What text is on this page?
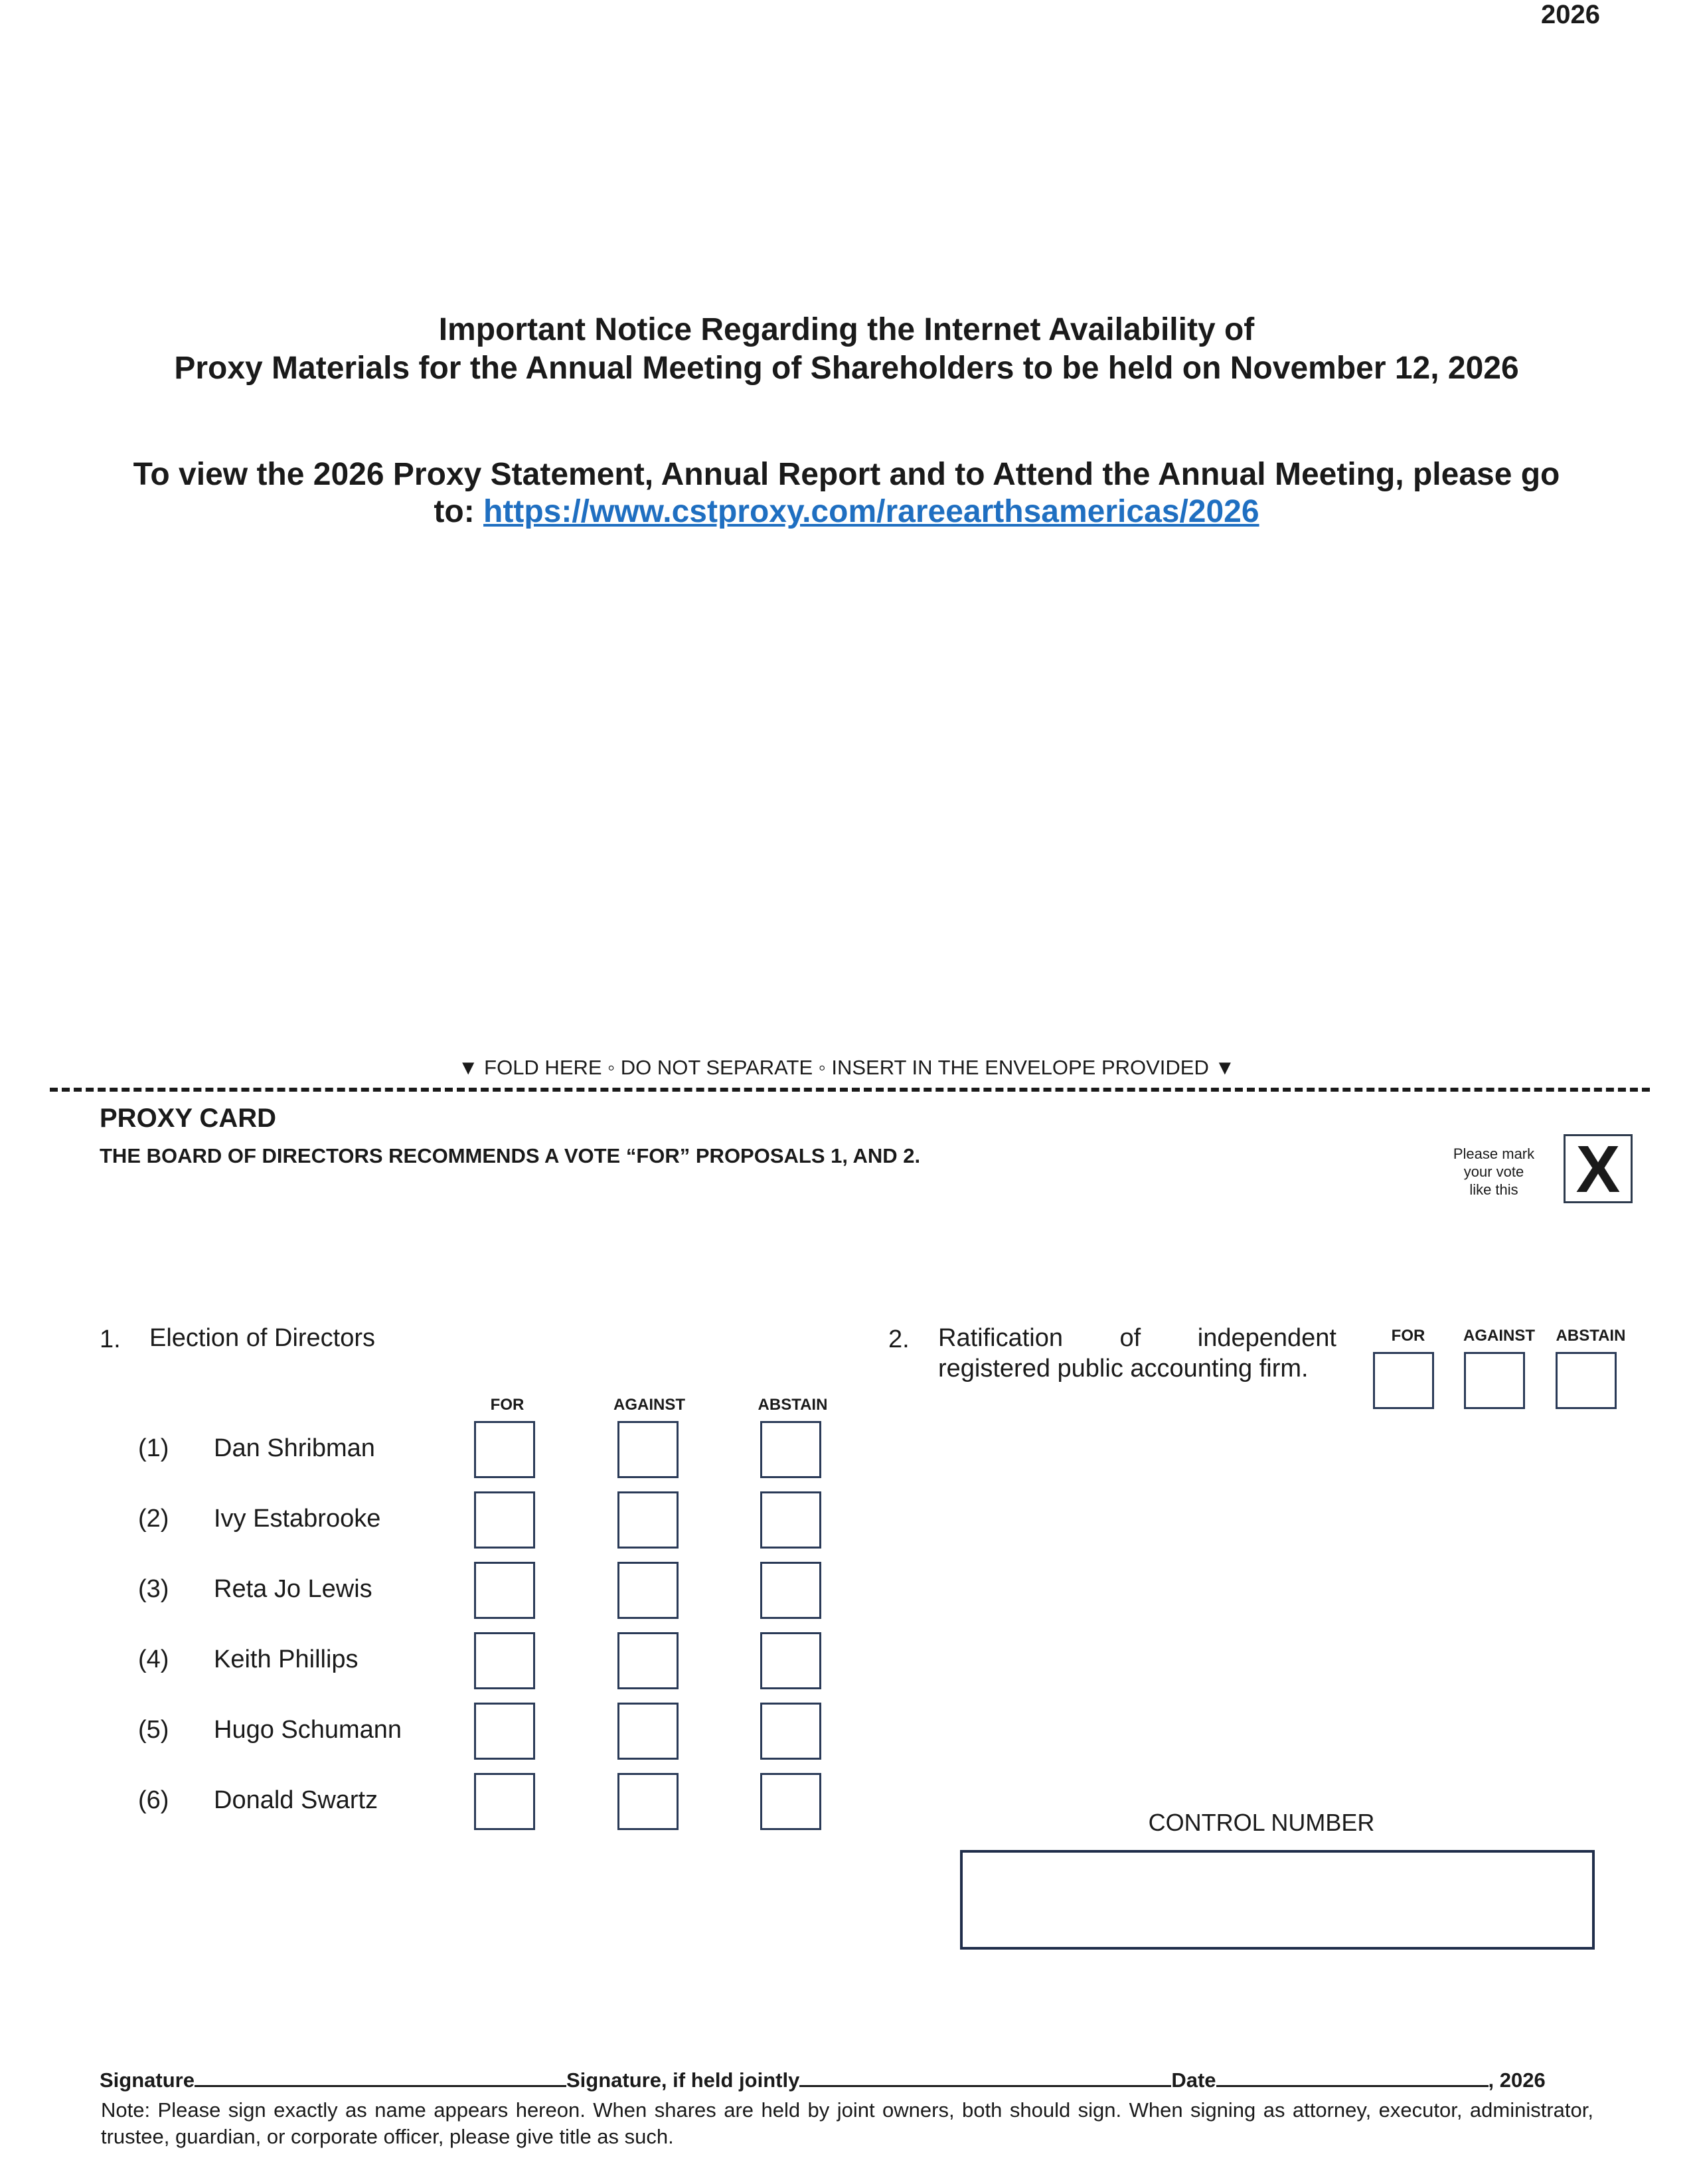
2026
Important Notice Regarding the Internet Availability of
Proxy Materials for the Annual Meeting of Shareholders to be held on November 12, 2026
To view the 2026 Proxy Statement, Annual Report and to Attend the Annual Meeting, please go
to: https://www.cstproxy.com/rareearthsamericas/2026
▼ FOLD HERE ◦ DO NOT SEPARATE ◦ INSERT IN THE ENVELOPE PROVIDED ▼
PROXY CARD
THE BOARD OF DIRECTORS RECOMMENDS A VOTE “FOR” PROPOSALS 1, AND 2.	Please mark
your vote
like this X
1. Election of Directors
FOR	AGAINST	ABSTAIN
(1) Dan Shribman
(2) Ivy Estabrooke
(3) Reta Jo Lewis
(4) Keith Phillips
(5) Hugo Schumann
(6) Donald Swartz
2. Ratification of independent
registered public accounting firm.
FOR	AGAINST	ABSTAIN
CONTROL NUMBER
Signature	Signature, if held jointly	Date	, 2026
Note: Please sign exactly as name appears hereon. When shares are held by joint owners, both should sign. When signing as attorney, executor, administrator, trustee, guardian, or corporate officer, please give title as such.
